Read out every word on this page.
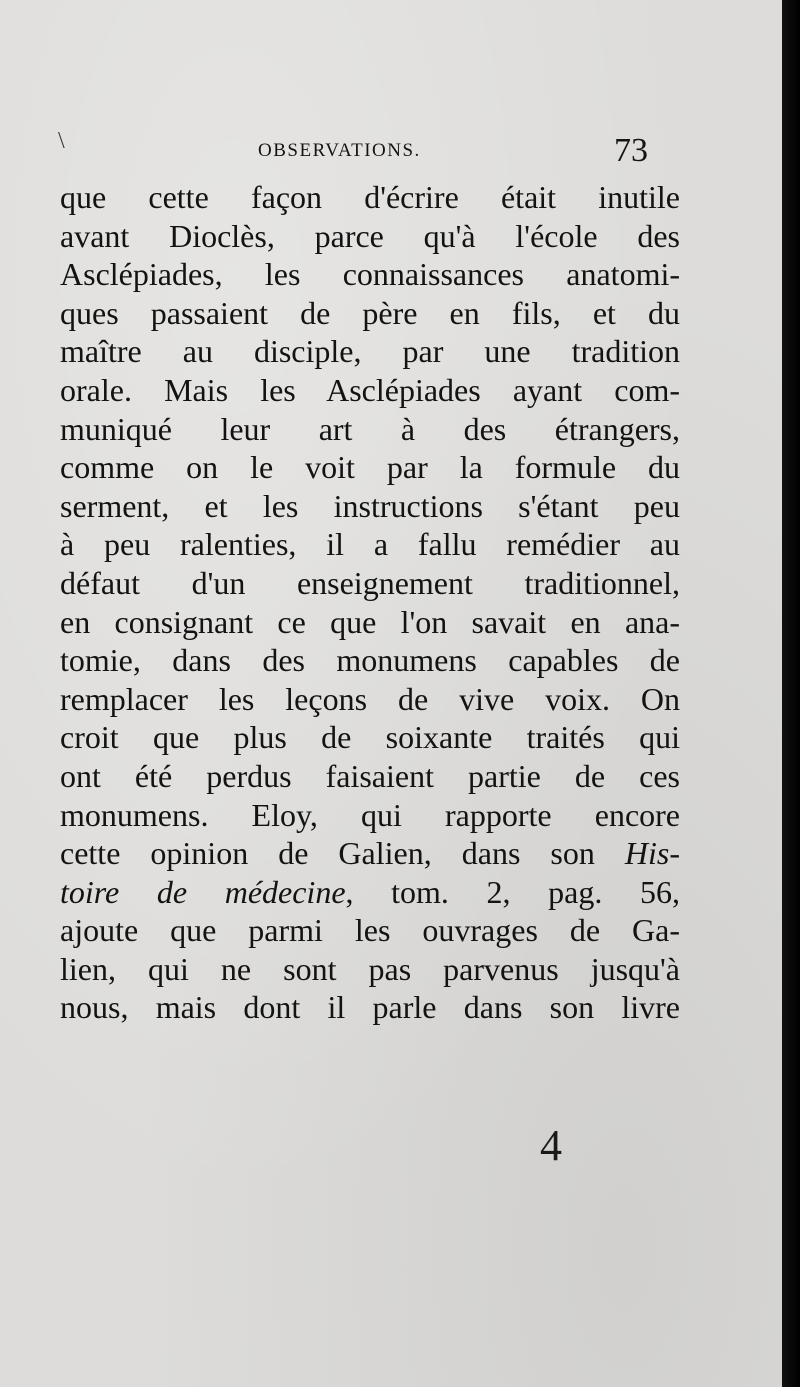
\	OBSERVATIONS.	73
que cette façon d'écrire était inutile
avant Dioclès, parce qu'à l'école des
Asclépiades, les connaissances anatomi-
ques passaient de père en fils, et du
maître au disciple, par une tradition
orale. Mais les Asclépiades ayant com-
muniqué leur art à des étrangers,
comme on le voit par la formule du
serment, et les instructions s'étant peu
à peu ralenties, il a fallu remédier au
défaut d'un enseignement traditionnel,
en consignant ce que l'on savait en ana-
tomie, dans des monumens capables de
remplacer les leçons de vive voix. On
croit que plus de soixante traités qui
ont été perdus faisaient partie de ces
monumens. Eloy, qui rapporte encore
cette opinion de Galien, dans son His-
toire de médecine, tom. 2, pag. 56,
ajoute que parmi les ouvrages de Ga-
lien, qui ne sont pas parvenus jusqu'à
nous, mais dont il parle dans son livre
4
